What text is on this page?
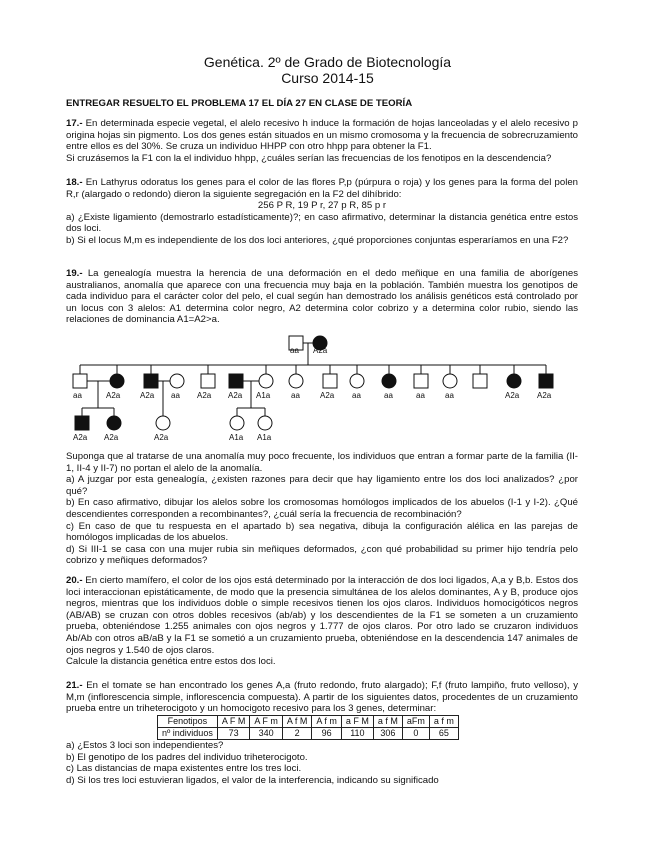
Genética. 2º de Grado de Biotecnología
Curso 2014-15
ENTREGAR RESUELTO EL PROBLEMA 17 EL DÍA 27 EN CLASE DE TEORÍA
17.- En determinada especie vegetal, el alelo recesivo h induce la formación de hojas lanceoladas y el alelo recesivo p origina hojas sin pigmento. Los dos genes están situados en un mismo cromosoma y la frecuencia de sobrecruzamiento entre ellos es del 30%. Se cruza un individuo HHPP con otro hhpp para obtener la F1.
Si cruzásemos la F1 con la el individuo hhpp, ¿cuáles serían las frecuencias de los fenotipos en la descendencia?
18.- En Lathyrus odoratus los genes para el color de las flores P,p (púrpura o roja) y los genes para la forma del polen R,r (alargado o redondo) dieron la siguiente segregación en la F2 del dihíbrido:
256 P R, 19 P r, 27 p R, 85 p r
a) ¿Existe ligamiento (demostrarlo estadísticamente)?; en caso afirmativo, determinar la distancia genética entre estos dos loci.
b) Si el locus M,m es independiente de los dos loci anteriores, ¿qué proporciones conjuntas esperaríamos en una F2?
19.- La genealogía muestra la herencia de una deformación en el dedo meñique en una familia de aborígenes australianos, anomalía que aparece con una frecuencia muy baja en la población. También muestra los genotipos de cada individuo para el carácter color del pelo, el cual según han demostrado los análisis genéticos está controlado por un locus con 3 alelos: A1 determina color negro, A2 determina color cobrizo y a determina color rubio, siendo las relaciones de dominancia A1=A2>a.
aa A2a
aa	A2a A2a aa A2a A2a A1a	aa	A2a aa	aa	aa	aa	A2a A2a
A2a A2a	A2a	A1a A1a
Suponga que al tratarse de una anomalía muy poco frecuente, los individuos que entran a formar parte de la familia (II-1, II-4 y II-7) no portan el alelo de la anomalía.
a) A juzgar por esta genealogía, ¿existen razones para decir que hay ligamiento entre los dos loci analizados? ¿por qué?
b) En caso afirmativo, dibujar los alelos sobre los cromosomas homólogos implicados de los abuelos (I-1 y I-2). ¿Qué descendientes corresponden a recombinantes?, ¿cuál sería la frecuencia de recombinación?
c) En caso de que tu respuesta en el apartado b) sea negativa, dibuja la configuración alélica en las parejas de homólogos implicadas de los abuelos.
d) Si III-1 se casa con una mujer rubia sin meñiques deformados, ¿con qué probabilidad su primer hijo tendría pelo cobrizo y meñiques deformados?
20.- En cierto mamífero, el color de los ojos está determinado por la interacción de dos loci ligados, A,a y B,b. Estos dos loci interaccionan epistáticamente, de modo que la presencia simultánea de los alelos dominantes, A y B, produce ojos negros, mientras que los individuos doble o simple recesivos tienen los ojos claros. Individuos homocigóticos negros (AB/AB) se cruzan con otros dobles recesivos (ab/ab) y los descendientes de la F1 se someten a un cruzamiento prueba, obteniéndose 1.255 animales con ojos negros y 1.777 de ojos claros. Por otro lado se cruzaron individuos Ab/Ab con otros aB/aB y la F1 se sometió a un cruzamiento prueba, obteniéndose en la descendencia 147 animales de ojos negros y 1.540 de ojos claros.
Calcule la distancia genética entre estos dos loci.
21.- En el tomate se han encontrado los genes A,a (fruto redondo, fruto alargado); F,f (fruto lampiño, fruto velloso), y M,m (inflorescencia simple, inflorescencia compuesta). A partir de los siguientes datos, procedentes de un cruzamiento prueba entre un triheterocigoto y un homocigoto recesivo para los 3 genes, determinar:
Fenotipos	A F M	A F m	A f M	A f m	a F M	a f M	aFm	a f m
nº individuos	73	340	2	96	110	306	0	65
a) ¿Estos 3 loci son independientes?
b) El genotipo de los padres del individuo triheterocigoto.
c) Las distancias de mapa existentes entre los tres loci.
d) Si los tres loci estuvieran ligados, el valor de la interferencia, indicando su significado
